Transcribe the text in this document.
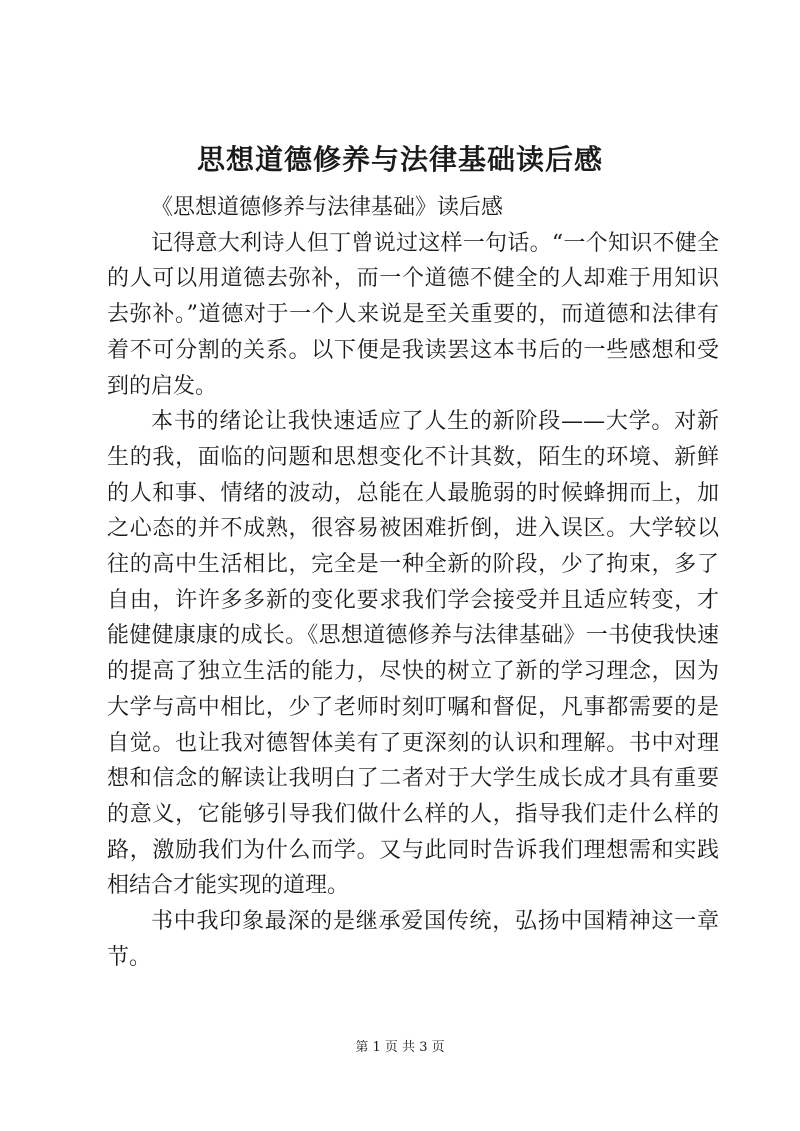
思想道德修养与法律基础读后感

《思想道德修养与法律基础》读后感

记得意大利诗人但丁曾说过这样一句话。“一个知识不健全的人可以用道德去弥补，而一个道德不健全的人却难于用知识去弥补。”道德对于一个人来说是至关重要的，而道德和法律有着不可分割的关系。以下便是我读罢这本书后的一些感想和受到的启发。

本书的绪论让我快速适应了人生的新阶段——大学。对新生的我，面临的问题和思想变化不计其数，陌生的环境、新鲜的人和事、情绪的波动，总能在人最脆弱的时候蜂拥而上，加之心态的并不成熟，很容易被困难折倒，进入误区。大学较以往的高中生活相比，完全是一种全新的阶段，少了拘束，多了自由，许许多多新的变化要求我们学会接受并且适应转变，才能健健康康的成长。《思想道德修养与法律基础》一书使我快速的提高了独立生活的能力，尽快的树立了新的学习理念，因为大学与高中相比，少了老师时刻叮嘱和督促，凡事都需要的是自觉。也让我对德智体美有了更深刻的认识和理解。书中对理想和信念的解读让我明白了二者对于大学生成长成才具有重要的意义，它能够引导我们做什么样的人，指导我们走什么样的路，激励我们为什么而学。又与此同时告诉我们理想需和实践相结合才能实现的道理。

书中我印象最深的是继承爱国传统，弘扬中国精神这一章节。

第 1 页 共 3 页
